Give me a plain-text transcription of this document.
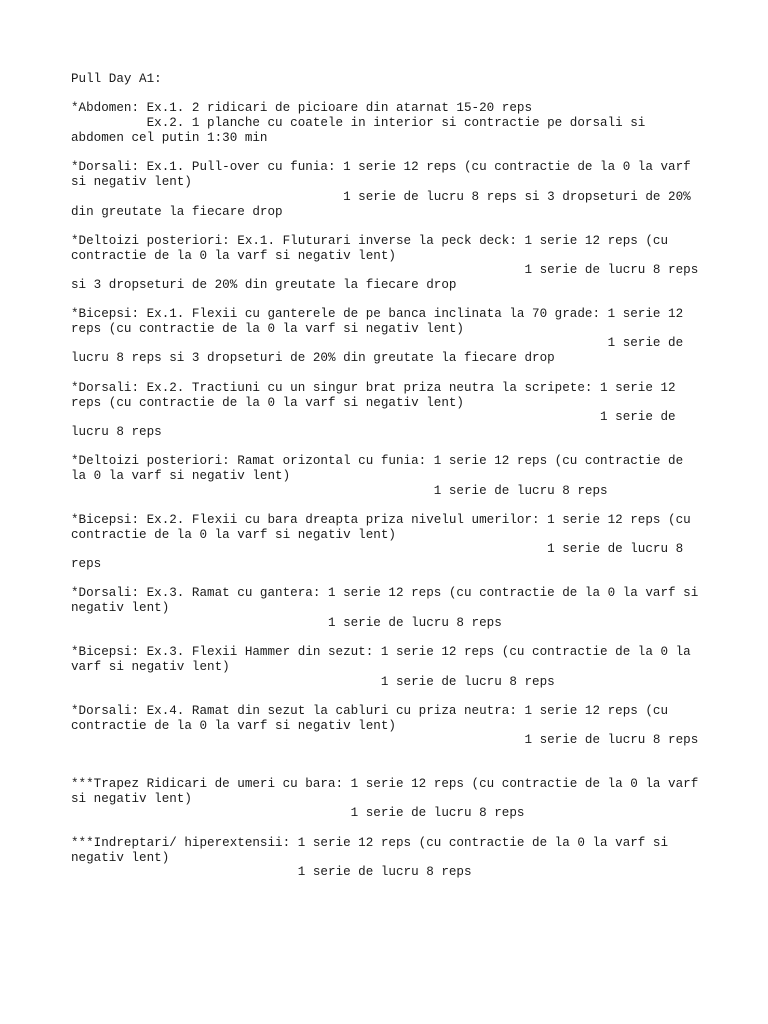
Pull Day A1:
*Abdomen: Ex.1. 2 ridicari de picioare din atarnat 15-20 reps
Ex.2. 1 planche cu coatele in interior si contractie pe dorsali si
abdomen cel putin 1:30 min
*Dorsali: Ex.1. Pull-over cu funia: 1 serie 12 reps (cu contractie de la 0 la varf
si negativ lent)
1 serie de lucru 8 reps si 3 dropseturi de 20%
din greutate la fiecare drop
*Deltoizi posteriori: Ex.1. Fluturari inverse la peck deck: 1 serie 12 reps (cu
contractie de la 0 la varf si negativ lent)
1 serie de lucru 8 reps
si 3 dropseturi de 20% din greutate la fiecare drop
*Bicepsi: Ex.1. Flexii cu ganterele de pe banca inclinata la 70 grade: 1 serie 12
reps (cu contractie de la 0 la varf si negativ lent)
1 serie de
lucru 8 reps si 3 dropseturi de 20% din greutate la fiecare drop
*Dorsali: Ex.2. Tractiuni cu un singur brat priza neutra la scripete: 1 serie 12
reps (cu contractie de la 0 la varf si negativ lent)
1 serie de
lucru 8 reps
*Deltoizi posteriori: Ramat orizontal cu funia: 1 serie 12 reps (cu contractie de
la 0 la varf si negativ lent)
1 serie de lucru 8 reps
*Bicepsi: Ex.2. Flexii cu bara dreapta priza nivelul umerilor: 1 serie 12 reps (cu
contractie de la 0 la varf si negativ lent)
1 serie de lucru 8
reps
*Dorsali: Ex.3. Ramat cu gantera: 1 serie 12 reps (cu contractie de la 0 la varf si
negativ lent)
1 serie de lucru 8 reps
*Bicepsi: Ex.3. Flexii Hammer din sezut: 1 serie 12 reps (cu contractie de la 0 la
varf si negativ lent)
1 serie de lucru 8 reps
*Dorsali: Ex.4. Ramat din sezut la cabluri cu priza neutra: 1 serie 12 reps (cu
contractie de la 0 la varf si negativ lent)
1 serie de lucru 8 reps
***Trapez Ridicari de umeri cu bara: 1 serie 12 reps (cu contractie de la 0 la varf
si negativ lent)
1 serie de lucru 8 reps
***Indreptari/ hiperextensii: 1 serie 12 reps (cu contractie de la 0 la varf si
negativ lent)
1 serie de lucru 8 reps
